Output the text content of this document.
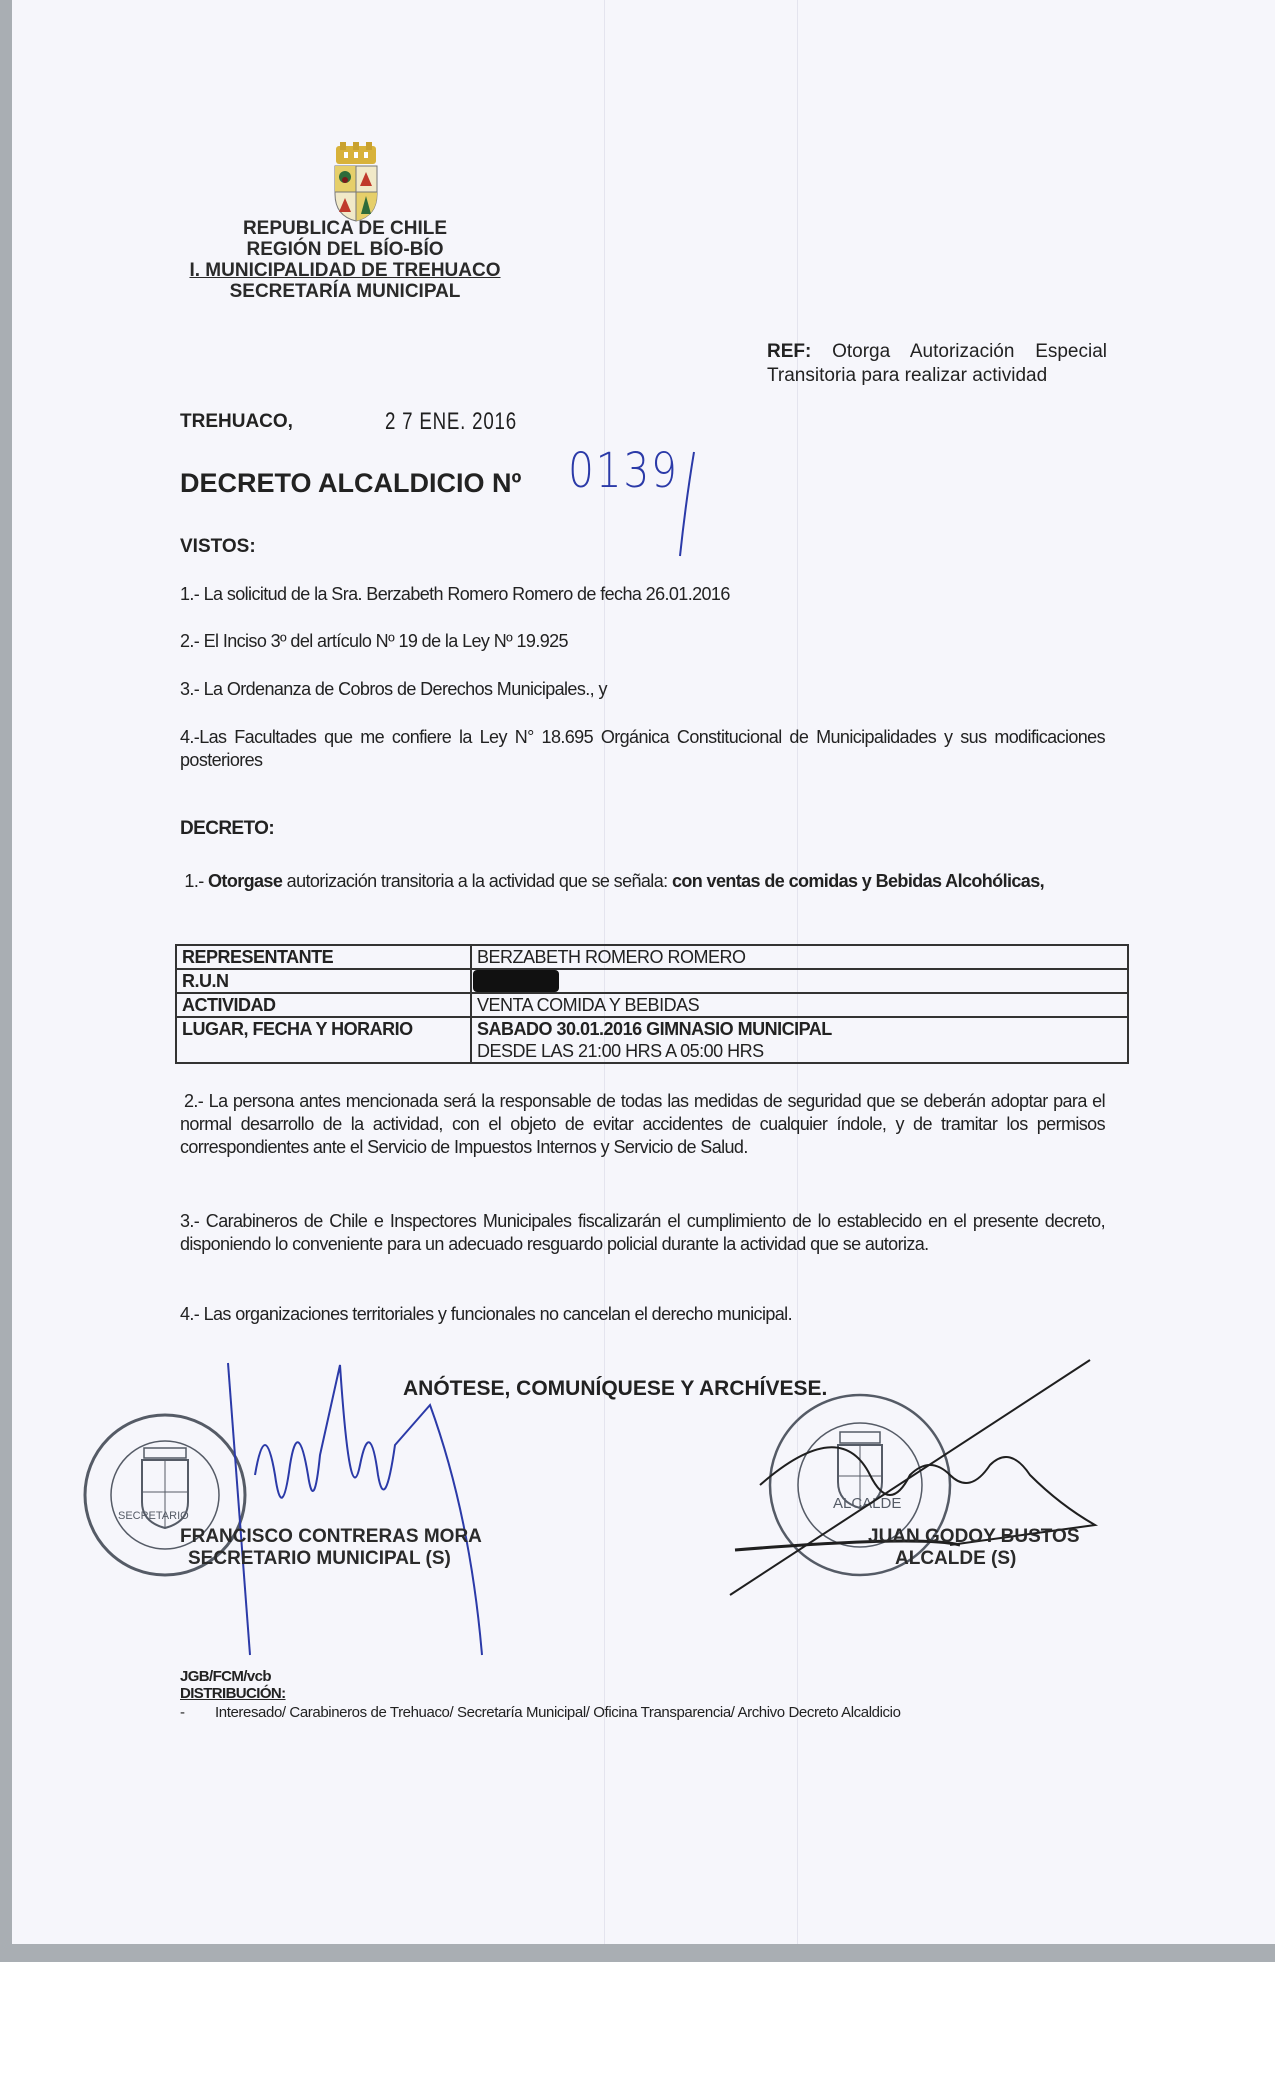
REPUBLICA DE CHILE
REGIÓN DEL BÍO-BÍO
I. MUNICIPALIDAD DE TREHUACO
SECRETARÍA MUNICIPAL
REF: Otorga Autorización Especial Transitoria para realizar actividad
TREHUACO,	2 7 ENE. 2016
DECRETO ALCALDICIO Nº 0139
VISTOS:
1.- La solicitud de la Sra. Berzabeth Romero Romero de fecha 26.01.2016
2.- El Inciso 3º del artículo Nº 19 de la Ley Nº 19.925
3.- La Ordenanza de Cobros de Derechos Municipales., y
4.-Las Facultades que me confiere la Ley N° 18.695 Orgánica Constitucional de Municipalidades y sus modificaciones posteriores
DECRETO:
1.- Otorgase autorización transitoria a la actividad que se señala: con ventas de comidas y Bebidas Alcohólicas,
REPRESENTANTE	BERZABETH ROMERO ROMERO
R.U.N	
ACTIVIDAD	VENTA COMIDA Y BEBIDAS
LUGAR, FECHA Y HORARIO	SABADO 30.01.2016 GIMNASIO MUNICIPAL
DESDE LAS 21:00 HRS A 05:00 HRS
2.- La persona antes mencionada será la responsable de todas las medidas de seguridad que se deberán adoptar para el normal desarrollo de la actividad, con el objeto de evitar accidentes de cualquier índole, y de tramitar los permisos correspondientes ante el Servicio de Impuestos Internos y Servicio de Salud.
3.- Carabineros de Chile e Inspectores Municipales fiscalizarán el cumplimiento de lo establecido en el presente decreto, disponiendo lo conveniente para un adecuado resguardo policial durante la actividad que se autoriza.
4.- Las organizaciones territoriales y funcionales no cancelan el derecho municipal.
ANÓTESE, COMUNÍQUESE Y ARCHÍVESE.
SECRETARIO
ALCALDE
FRANCISCO CONTRERAS MORA
SECRETARIO MUNICIPAL (S)
JUAN GODOY BUSTOS
ALCALDE (S)
JGB/FCM/vcb
DISTRIBUCIÓN:
- Interesado/ Carabineros de Trehuaco/ Secretaría Municipal/ Oficina Transparencia/ Archivo Decreto Alcaldicio
